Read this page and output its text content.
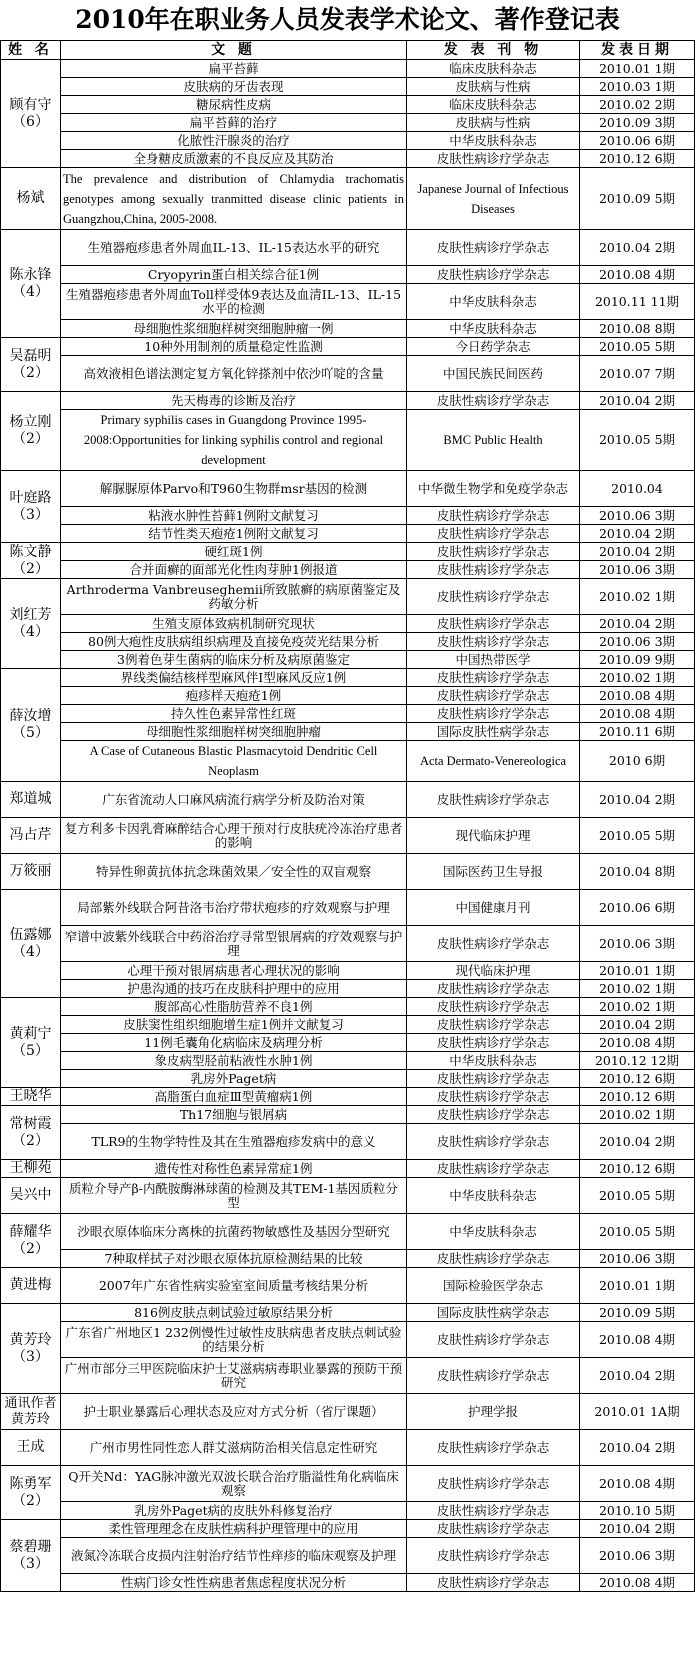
2010年在职业务人员发表学术论文、著作登记表
姓 名	文 题	发 表 刊 物	发表日期

顾有守
（6）	扁平苔藓	临床皮肤科杂志	2010.01 1期
	皮肤病的牙齿表现	皮肤病与性病	2010.03 1期
	糖尿病性皮病	临床皮肤科杂志	2010.02 2期
	扁平苔藓的治疗	皮肤病与性病	2010.09 3期
	化脓性汗腺炎的治疗	中华皮肤科杂志	2010.06 6期
	全身糖皮质激素的不良反应及其防治	皮肤性病诊疗学杂志	2010.12 6期

杨斌	The prevalence and distribution of Chlamydia trachomatis genotypes among sexually tranmitted disease clinic patients in Guangzhou,China, 2005-2008.	Japanese Journal of Infectious Diseases	2010.09 5期

陈永锋
（4）	生殖器疱疹患者外周血IL-13、IL-15表达水平的研究	皮肤性病诊疗学杂志	2010.04 2期
	Cryopyrin蛋白相关综合征1例	皮肤性病诊疗学杂志	2010.08 4期
	生殖器疱疹患者外周血Toll样受体9表达及血清IL-13、IL-15水平的检测	中华皮肤科杂志	2010.11 11期
	母细胞性浆细胞样树突细胞肿瘤一例	中华皮肤科杂志	2010.08 8期

吴磊明
（2）	10种外用制剂的质量稳定性监测	今日药学杂志	2010.05 5期
	高效液相色谱法测定复方氧化锌搽剂中依沙吖啶的含量	中国民族民间医药	2010.07 7期

杨立刚
（2）	先天梅毒的诊断及治疗	皮肤性病诊疗学杂志	2010.04 2期
	Primary syphilis cases in Guangdong Province 1995-2008:Opportunities for linking syphilis control and regional development	BMC Public Health	2010.05 5期

叶庭路
（3）	解脲脲原体Parvo和T960生物群msr基因的检测	中华微生物学和免疫学杂志	2010.04
	粘液水肿性苔藓1例附文献复习	皮肤性病诊疗学杂志	2010.06 3期
	结节性类天疱疮1例附文献复习	皮肤性病诊疗学杂志	2010.04 2期

陈文静
（2）	硬红斑1例	皮肤性病诊疗学杂志	2010.04 2期
	合并面癣的面部光化性肉芽肿1例报道	皮肤性病诊疗学杂志	2010.06 3期

刘红芳
（4）	Arthroderma Vanbreuseghemii所致脓癣的病原菌鉴定及药敏分析	皮肤性病诊疗学杂志	2010.02 1期
	生殖支原体致病机制研究现状	皮肤性病诊疗学杂志	2010.04 2期
	80例大疱性皮肤病组织病理及直接免疫荧光结果分析	皮肤性病诊疗学杂志	2010.06 3期
	3例着色芽生菌病的临床分析及病原菌鉴定	中国热带医学	2010.09 9期

薛汝增
（5）	界线类偏结核样型麻风伴Ⅰ型麻风反应1例	皮肤性病诊疗学杂志	2010.02 1期
	疱疹样天疱疮1例	皮肤性病诊疗学杂志	2010.08 4期
	持久性色素异常性红斑	皮肤性病诊疗学杂志	2010.08 4期
	母细胞性浆细胞样树突细胞肿瘤	国际皮肤性病学杂志	2010.11 6期
	A Case of Cutaneous Blastic Plasmacytoid Dendritic Cell Neoplasm	Acta Dermato-Venereologica	2010 6期

郑道城	广东省流动人口麻风病流行病学分析及防治对策	皮肤性病诊疗学杂志	2010.04 2期

冯占芹	复方利多卡因乳膏麻醉结合心理干预对行皮肤疣冷冻治疗患者的影响	现代临床护理	2010.05 5期

万筱丽	特异性卵黄抗体抗念珠菌效果／安全性的双盲观察	国际医药卫生导报	2010.04 8期

伍露娜
（4）	局部紫外线联合阿昔洛韦治疗带状疱疹的疗效观察与护理	中国健康月刊	2010.06 6期
	窄谱中波紫外线联合中药浴治疗寻常型银屑病的疗效观察与护理	皮肤性病诊疗学杂志	2010.06 3期
	心理干预对银屑病患者心理状况的影响	现代临床护理	2010.01 1期
	护患沟通的技巧在皮肤科护理中的应用	皮肤性病诊疗学杂志	2010.02 1期

黄莉宁
（5）	腹部高心性脂肪营养不良1例	皮肤性病诊疗学杂志	2010.02 1期
	皮肤窦性组织细胞增生症1例并文献复习	皮肤性病诊疗学杂志	2010.04 2期
	11例毛囊角化病临床及病理分析	皮肤性病诊疗学杂志	2010.08 4期
	象皮病型胫前粘液性水肿1例	中华皮肤科杂志	2010.12 12期
	乳房外Paget病	皮肤性病诊疗学杂志	2010.12 6期

王晓华	高脂蛋白血症Ⅲ型黄瘤病1例	皮肤性病诊疗学杂志	2010.12 6期

常树霞
（2）	Th17细胞与银屑病	皮肤性病诊疗学杂志	2010.02 1期
	TLR9的生物学特性及其在生殖器疱疹发病中的意义	皮肤性病诊疗学杂志	2010.04 2期

王柳苑	遗传性对称性色素异常症1例	皮肤性病诊疗学杂志	2010.12 6期

吴兴中	质粒介导产β-内酰胺酶淋球菌的检测及其TEM-1基因质粒分型	中华皮肤科杂志	2010.05 5期

薛耀华
（2）	沙眼衣原体临床分离株的抗菌药物敏感性及基因分型研究	中华皮肤科杂志	2010.05 5期
	7种取样拭子对沙眼衣原体抗原检测结果的比较	皮肤性病诊疗学杂志	2010.06 3期

黄进梅	2007年广东省性病实验室室间质量考核结果分析	国际检验医学杂志	2010.01 1期

黄芳玲
（3）	816例皮肤点刺试验过敏原结果分析	国际皮肤性病学杂志	2010.09 5期
	广东省广州地区1 232例慢性过敏性皮肤病患者皮肤点刺试验的结果分析	皮肤性病诊疗学杂志	2010.08 4期
	广州市部分三甲医院临床护士艾滋病病毒职业暴露的预防干预研究	皮肤性病诊疗学杂志	2010.04 2期

通讯作者黄芳玲	护士职业暴露后心理状态及应对方式分析（省厅课题）	护理学报	2010.01 1A期

王成	广州市男性同性恋人群艾滋病防治相关信息定性研究	皮肤性病诊疗学杂志	2010.04 2期

陈勇军
（2）	Q开关Nd：YAG脉冲激光双波长联合治疗脂溢性角化病临床观察	皮肤性病诊疗学杂志	2010.08 4期
	乳房外Paget病的皮肤外科修复治疗	皮肤性病诊疗学杂志	2010.10 5期

蔡碧珊
（3）	柔性管理理念在皮肤性病科护理管理中的应用	皮肤性病诊疗学杂志	2010.04 2期
	液氮冷冻联合皮损内注射治疗结节性痒疹的临床观察及护理	皮肤性病诊疗学杂志	2010.06 3期
	性病门诊女性性病患者焦虑程度状况分析	皮肤性病诊疗学杂志	2010.08 4期
